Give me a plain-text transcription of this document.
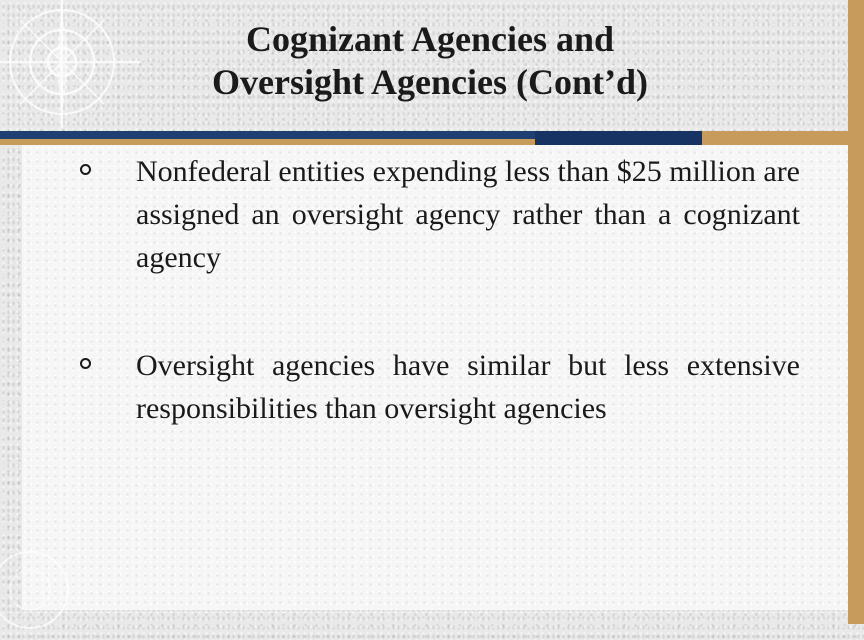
Cognizant Agencies and
Oversight Agencies (Cont’d)
Nonfederal entities expending less than $25 million are assigned an oversight agency rather than a cognizant agency
Oversight agencies have similar but less extensive responsibilities than oversight agencies
